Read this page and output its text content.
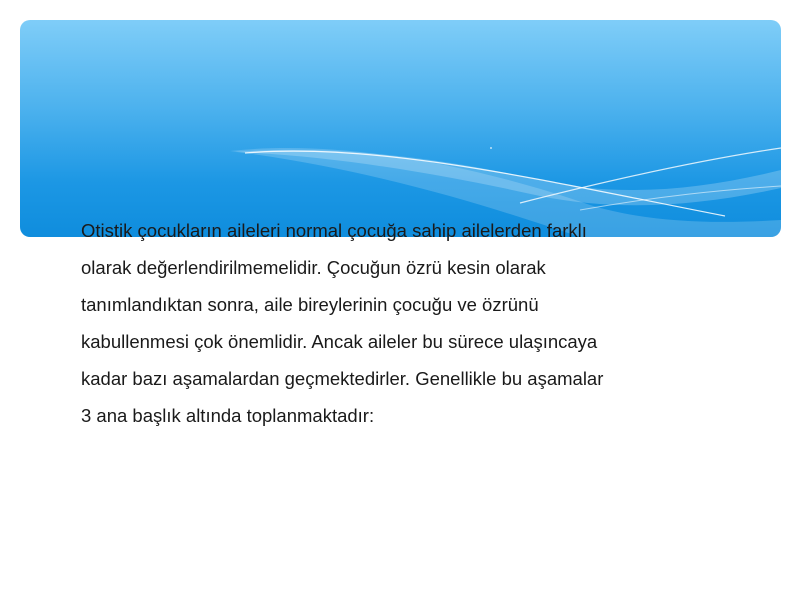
Otistik çocukların aileleri normal çocuğa sahip ailelerden farklı
olarak değerlendirilmemelidir. Çocuğun özrü kesin olarak
tanımlandıktan sonra, aile bireylerinin çocuğu ve özrünü
kabullenmesi çok önemlidir. Ancak aileler bu sürece ulaşıncaya
kadar bazı aşamalardan geçmektedirler. Genellikle bu aşamalar
3 ana başlık altında toplanmaktadır:
